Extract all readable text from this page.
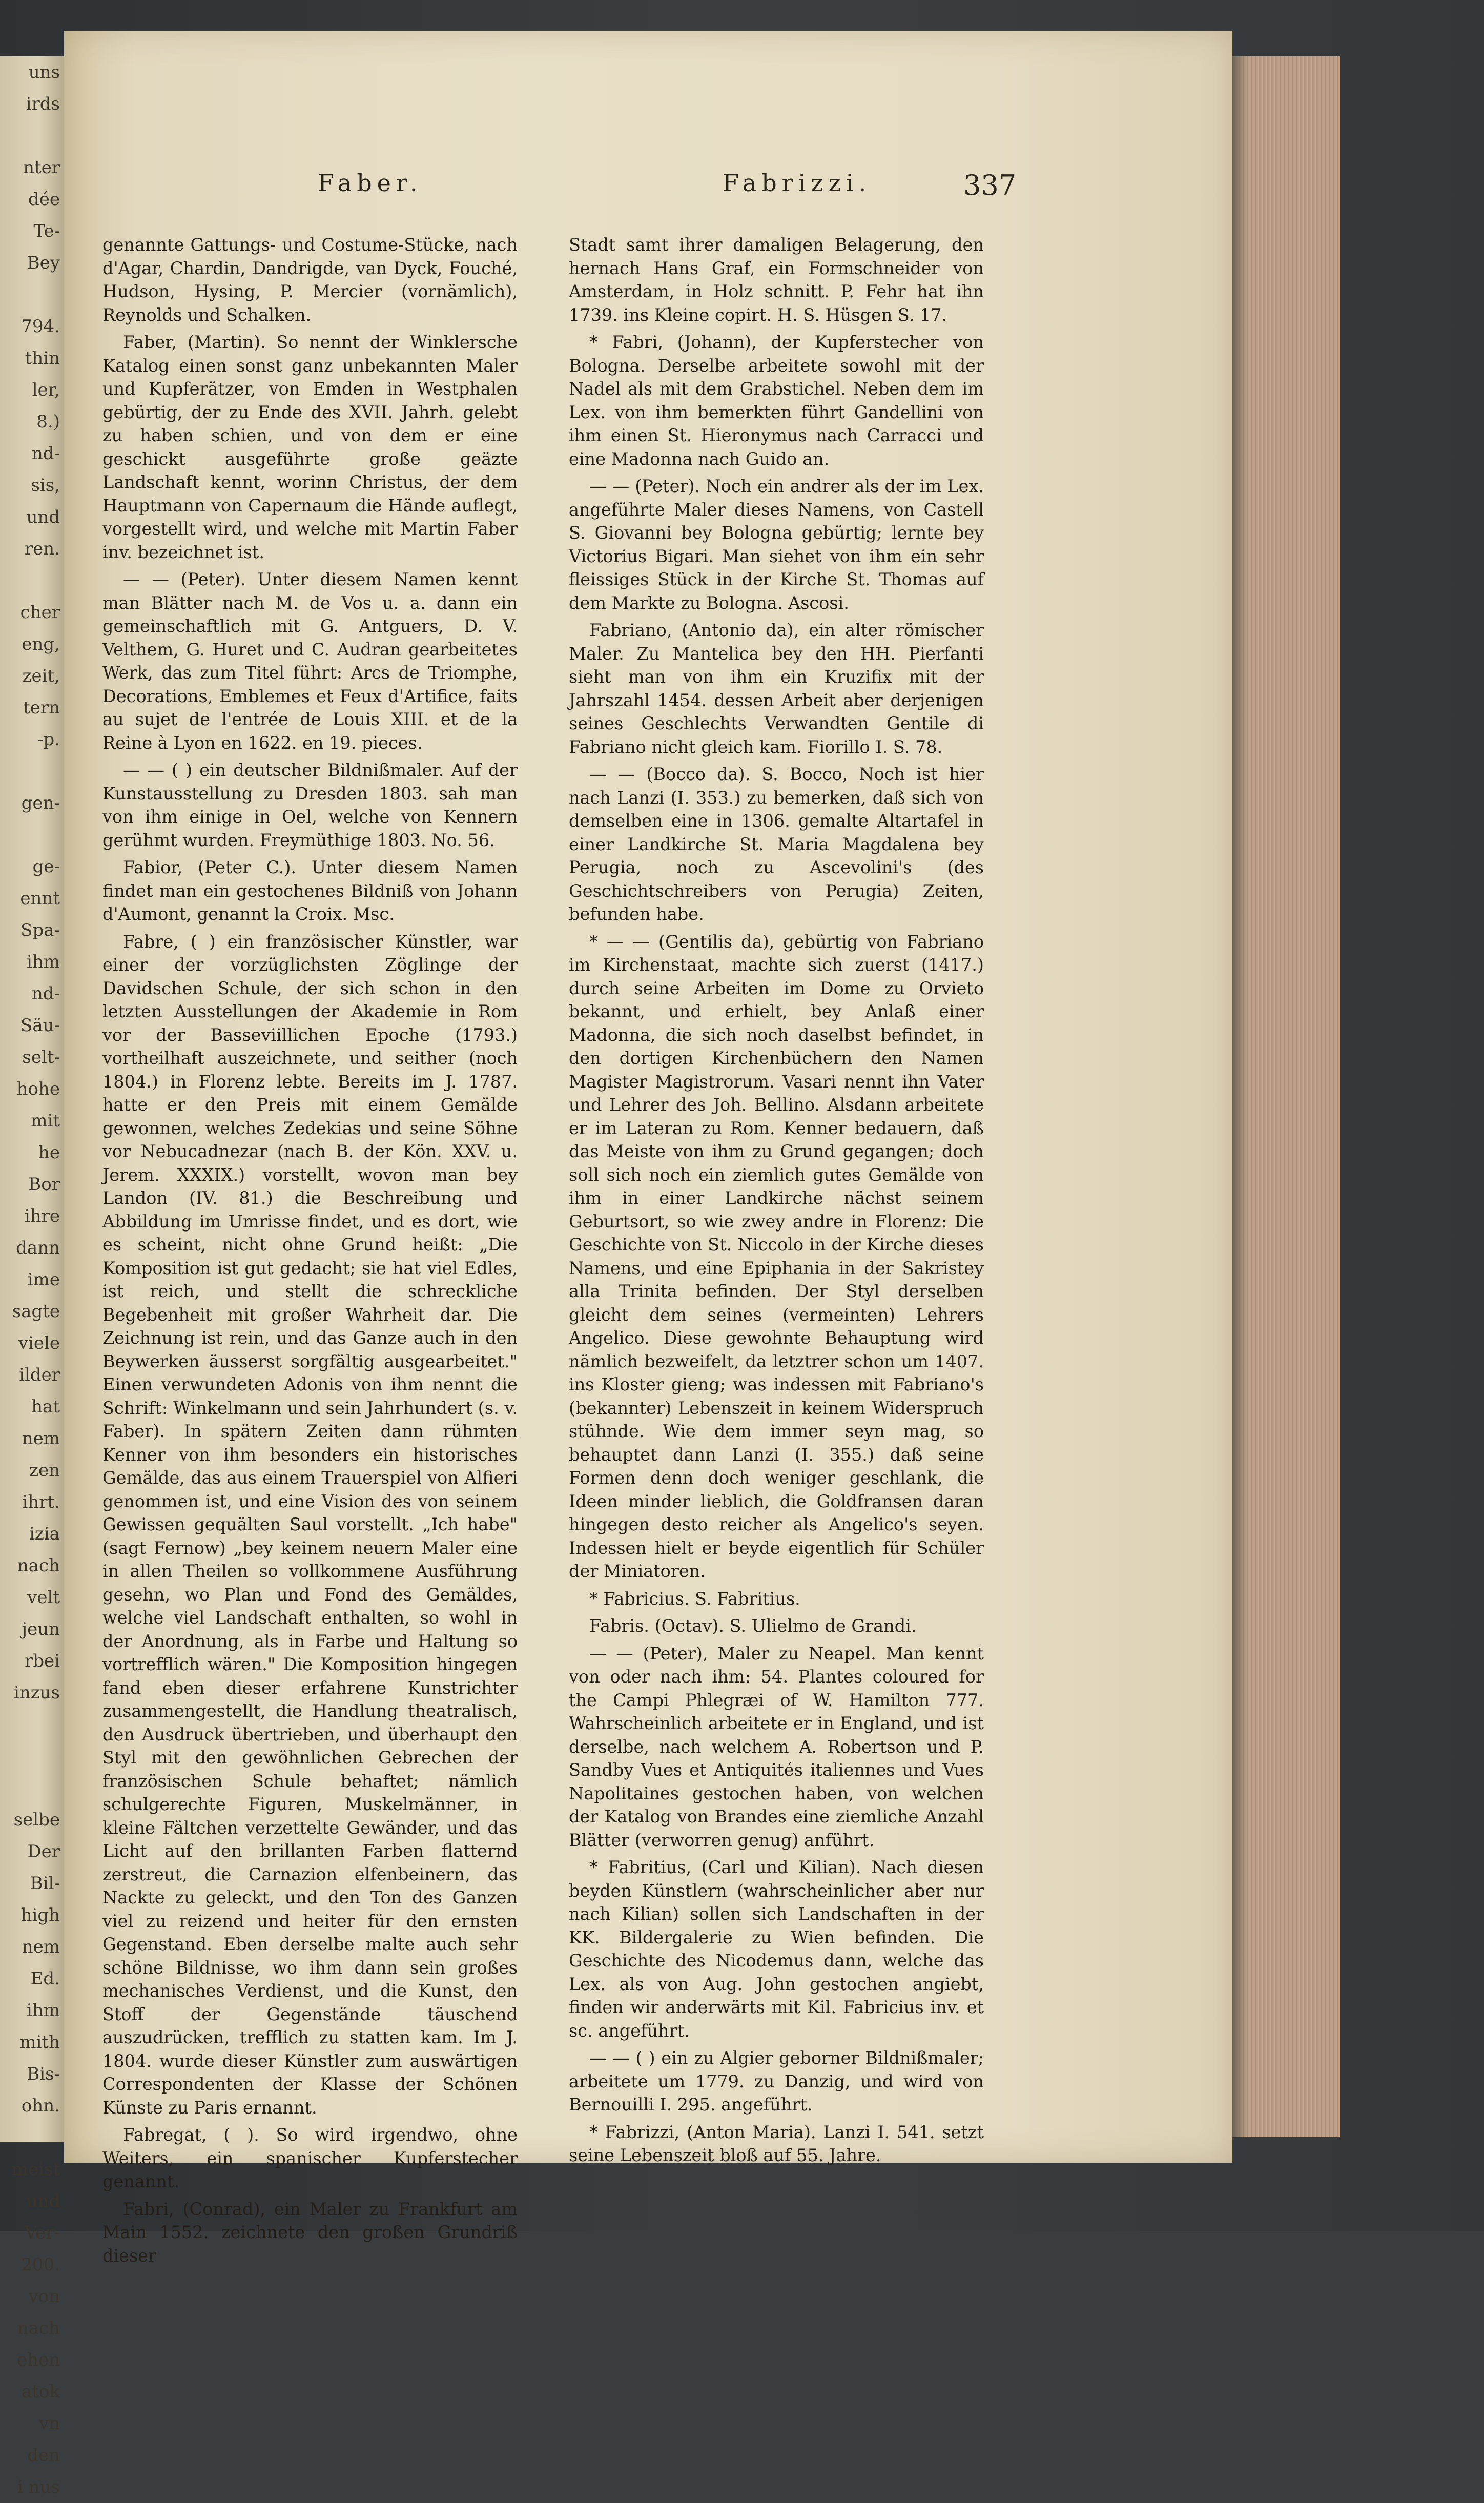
uns
irds

nter
dée
Te-
Bey

794.
thin
ler,
8.)
nd-
sis,
und
ren.

cher
eng,
zeit,
tern
-p.

gen-

ge-
ennt
Spa-
ihm
nd-
Säu-
selt-
hohe
mit
he
Bor
ihre
dann
ime
sagte
viele
ilder
hat
nem
zen
ihrt.
izia
nach
velt
jeun
rbei
inzus

selbe
Der
Bil-
high
nem
Ed.
ihm
mith
Bis-
ohn.

meist
und
Ver-
200.
von
nach
ehen
atok
vn
den
i nus
Faber.	Fabrizzi.	337

genannte Gattungs- und Costume-Stücke, nach d'Agar, Chardin, Dandrigde, van Dyck, Fouché, Hudson, Hysing, P. Mercier (vornämlich), Reynolds und Schalken.

Faber, (Martin). So nennt der Winklersche Katalog einen sonst ganz unbekannten Maler und Kupferätzer, von Emden in Westphalen gebürtig, der zu Ende des XVII. Jahrh. gelebt zu haben schien, und von dem er eine geschickt ausgeführte große geäzte Landschaft kennt, worinn Christus, der dem Hauptmann von Capernaum die Hände auflegt, vorgestellt wird, und welche mit Martin Faber inv. bezeichnet ist.

— — (Peter). Unter diesem Namen kennt man Blätter nach M. de Vos u. a. dann ein gemeinschaftlich mit G. Antguers, D. V. Velthem, G. Huret und C. Audran gearbeitetes Werk, das zum Titel führt: Arcs de Triomphe, Decorations, Emblemes et Feux d'Artifice, faits au sujet de l'entrée de Louis XIII. et de la Reine à Lyon en 1622. en 19. pieces.

— — ( ) ein deutscher Bildnißmaler. Auf der Kunstausstellung zu Dresden 1803. sah man von ihm einige in Oel, welche von Kennern gerühmt wurden. Freymüthige 1803. No. 56.

Fabior, (Peter C.). Unter diesem Namen findet man ein gestochenes Bildniß von Johann d'Aumont, genannt la Croix. Msc.

Fabre, ( ) ein französischer Künstler, war einer der vorzüglichsten Zöglinge der Davidschen Schule, der sich schon in den letzten Ausstellungen der Akademie in Rom vor der Basseviillichen Epoche (1793.) vortheilhaft auszeichnete, und seither (noch 1804.) in Florenz lebte. Bereits im J. 1787. hatte er den Preis mit einem Gemälde gewonnen, welches Zedekias und seine Söhne vor Nebucadnezar (nach B. der Kön. XXV. u. Jerem. XXXIX.) vorstellt, wovon man bey Landon (IV. 81.) die Beschreibung und Abbildung im Umrisse findet, und es dort, wie es scheint, nicht ohne Grund heißt: „Die Komposition ist gut gedacht; sie hat viel Edles, ist reich, und stellt die schreckliche Begebenheit mit großer Wahrheit dar. Die Zeichnung ist rein, und das Ganze auch in den Beywerken äusserst sorgfältig ausgearbeitet." Einen verwundeten Adonis von ihm nennt die Schrift: Winkelmann und sein Jahrhundert (s. v. Faber). In spätern Zeiten dann rühmten Kenner von ihm besonders ein historisches Gemälde, das aus einem Trauerspiel von Alfieri genommen ist, und eine Vision des von seinem Gewissen gequälten Saul vorstellt. „Ich habe" (sagt Fernow) „bey keinem neuern Maler eine in allen Theilen so vollkommene Ausführung gesehn, wo Plan und Fond des Gemäldes, welche viel Landschaft enthalten, so wohl in der Anordnung, als in Farbe und Haltung so vortrefflich wären." Die Komposition hingegen fand eben dieser erfahrene Kunstrichter zusammengestellt, die Handlung theatralisch, den Ausdruck übertrieben, und überhaupt den Styl mit den gewöhnlichen Gebrechen der französischen Schule behaftet; nämlich schulgerechte Figuren, Muskelmänner, in kleine Fältchen verzettelte Gewänder, und das Licht auf den brillanten Farben flatternd zerstreut, die Carnazion elfenbeinern, das Nackte zu geleckt, und den Ton des Ganzen viel zu reizend und heiter für den ernsten Gegenstand. Eben derselbe malte auch sehr schöne Bildnisse, wo ihm dann sein großes mechanisches Verdienst, und die Kunst, den Stoff der Gegenstände täuschend auszudrücken, trefflich zu statten kam. Im J. 1804. wurde dieser Künstler zum auswärtigen Correspondenten der Klasse der Schönen Künste zu Paris ernannt.

Fabregat, ( ). So wird irgendwo, ohne Weiters, ein spanischer Kupferstecher genannt.

Fabri, (Conrad), ein Maler zu Frankfurt am Main 1552. zeichnete den großen Grundriß dieser

Stadt samt ihrer damaligen Belagerung, den hernach Hans Graf, ein Formschneider von Amsterdam, in Holz schnitt. P. Fehr hat ihn 1739. ins Kleine copirt. H. S. Hüsgen S. 17.

* Fabri, (Johann), der Kupferstecher von Bologna. Derselbe arbeitete sowohl mit der Nadel als mit dem Grabstichel. Neben dem im Lex. von ihm bemerkten führt Gandellini von ihm einen St. Hieronymus nach Carracci und eine Madonna nach Guido an.

— — (Peter). Noch ein andrer als der im Lex. angeführte Maler dieses Namens, von Castell S. Giovanni bey Bologna gebürtig; lernte bey Victorius Bigari. Man siehet von ihm ein sehr fleissiges Stück in der Kirche St. Thomas auf dem Markte zu Bologna. Ascosi.

Fabriano, (Antonio da), ein alter römischer Maler. Zu Mantelica bey den HH. Pierfanti sieht man von ihm ein Kruzifix mit der Jahrszahl 1454. dessen Arbeit aber derjenigen seines Geschlechts Verwandten Gentile di Fabriano nicht gleich kam. Fiorillo I. S. 78.

— — (Bocco da). S. Bocco, Noch ist hier nach Lanzi (I. 353.) zu bemerken, daß sich von demselben eine in 1306. gemalte Altartafel in einer Landkirche St. Maria Magdalena bey Perugia, noch zu Ascevolini's (des Geschichtschreibers von Perugia) Zeiten, befunden habe.

* — — (Gentilis da), gebürtig von Fabriano im Kirchenstaat, machte sich zuerst (1417.) durch seine Arbeiten im Dome zu Orvieto bekannt, und erhielt, bey Anlaß einer Madonna, die sich noch daselbst befindet, in den dortigen Kirchenbüchern den Namen Magister Magistrorum. Vasari nennt ihn Vater und Lehrer des Joh. Bellino. Alsdann arbeitete er im Lateran zu Rom. Kenner bedauern, daß das Meiste von ihm zu Grund gegangen; doch soll sich noch ein ziemlich gutes Gemälde von ihm in einer Landkirche nächst seinem Geburtsort, so wie zwey andre in Florenz: Die Geschichte von St. Niccolo in der Kirche dieses Namens, und eine Epiphania in der Sakristey alla Trinita befinden. Der Styl derselben gleicht dem seines (vermeinten) Lehrers Angelico. Diese gewohnte Behauptung wird nämlich bezweifelt, da letztrer schon um 1407. ins Kloster gieng; was indessen mit Fabriano's (bekannter) Lebenszeit in keinem Widerspruch stühnde. Wie dem immer seyn mag, so behauptet dann Lanzi (I. 355.) daß seine Formen denn doch weniger geschlank, die Ideen minder lieblich, die Goldfransen daran hingegen desto reicher als Angelico's seyen. Indessen hielt er beyde eigentlich für Schüler der Miniatoren.

* Fabricius. S. Fabritius.

Fabris. (Octav). S. Ulielmo de Grandi.

— — (Peter), Maler zu Neapel. Man kennt von oder nach ihm: 54. Plantes coloured for the Campi Phlegræi of W. Hamilton 777. Wahrscheinlich arbeitete er in England, und ist derselbe, nach welchem A. Robertson und P. Sandby Vues et Antiquités italiennes und Vues Napolitaines gestochen haben, von welchen der Katalog von Brandes eine ziemliche Anzahl Blätter (verworren genug) anführt.

* Fabritius, (Carl und Kilian). Nach diesen beyden Künstlern (wahrscheinlicher aber nur nach Kilian) sollen sich Landschaften in der KK. Bildergalerie zu Wien befinden. Die Geschichte des Nicodemus dann, welche das Lex. als von Aug. John gestochen angiebt, finden wir anderwärts mit Kil. Fabricius inv. et sc. angeführt.

— — ( ) ein zu Algier geborner Bildnißmaler; arbeitete um 1779. zu Danzig, und wird von Bernouilli I. 295. angeführt.

* Fabrizzi, (Anton Maria). Lanzi I. 541. setzt seine Lebenszeit bloß auf 55. Jahre.
